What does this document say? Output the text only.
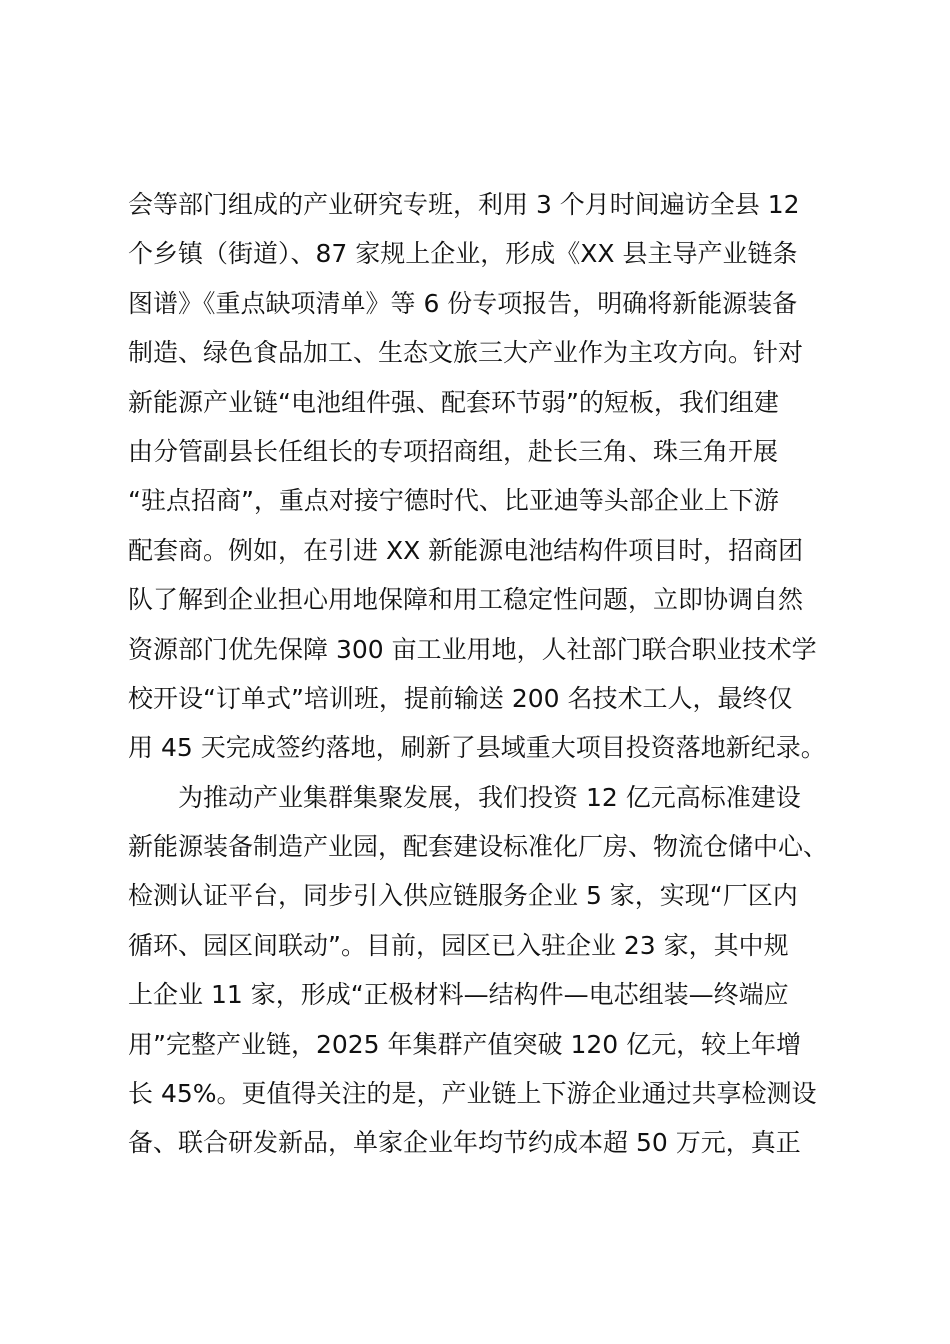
会等部门组成的产业研究专班，利用 3 个月时间遍访全县 12
个乡镇（街道）、87 家规上企业，形成《XX 县主导产业链条
图谱》《重点缺项清单》等 6 份专项报告，明确将新能源装备
制造、绿色食品加工、生态文旅三大产业作为主攻方向。针对
新能源产业链“电池组件强、配套环节弱”的短板，我们组建
由分管副县长任组长的专项招商组，赴长三角、珠三角开展
“驻点招商”，重点对接宁德时代、比亚迪等头部企业上下游
配套商。例如，在引进 XX 新能源电池结构件项目时，招商团
队了解到企业担心用地保障和用工稳定性问题，立即协调自然
资源部门优先保障 300 亩工业用地，人社部门联合职业技术学
校开设“订单式”培训班，提前输送 200 名技术工人，最终仅
用 45 天完成签约落地，刷新了县域重大项目投资落地新纪录。
为推动产业集群集聚发展，我们投资 12 亿元高标准建设
新能源装备制造产业园，配套建设标准化厂房、物流仓储中心、
检测认证平台，同步引入供应链服务企业 5 家，实现“厂区内
循环、园区间联动”。目前，园区已入驻企业 23 家，其中规
上企业 11 家，形成“正极材料—结构件—电芯组装—终端应
用”完整产业链，2025 年集群产值突破 120 亿元，较上年增
长 45%。更值得关注的是，产业链上下游企业通过共享检测设
备、联合研发新品，单家企业年均节约成本超 50 万元，真正
